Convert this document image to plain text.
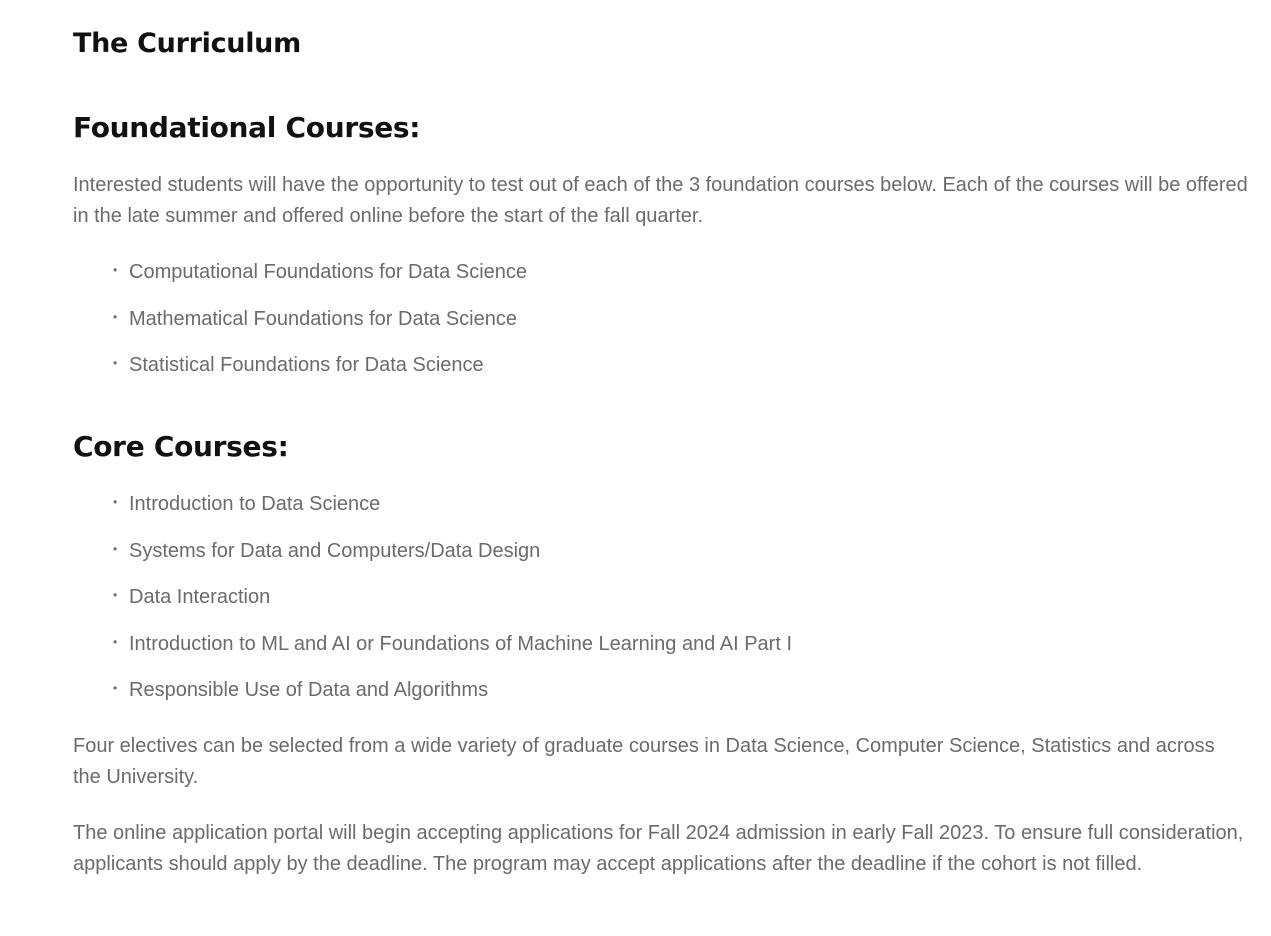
The Curriculum
Foundational Courses:

Interested students will have the opportunity to test out of each of the 3 foundation courses below. Each of the courses will be offered in the late summer and offered online before the start of the fall quarter.

• Computational Foundations for Data Science
• Mathematical Foundations for Data Science
• Statistical Foundations for Data Science
Core Courses:
• Introduction to Data Science
• Systems for Data and Computers/Data Design
• Data Interaction
• Introduction to ML and AI or Foundations of Machine Learning and AI Part I
• Responsible Use of Data and Algorithms

Four electives can be selected from a wide variety of graduate courses in Data Science, Computer Science, Statistics and across the University.

The online application portal will begin accepting applications for Fall 2024 admission in early Fall 2023. To ensure full consideration, applicants should apply by the deadline. The program may accept applications after the deadline if the cohort is not filled.
